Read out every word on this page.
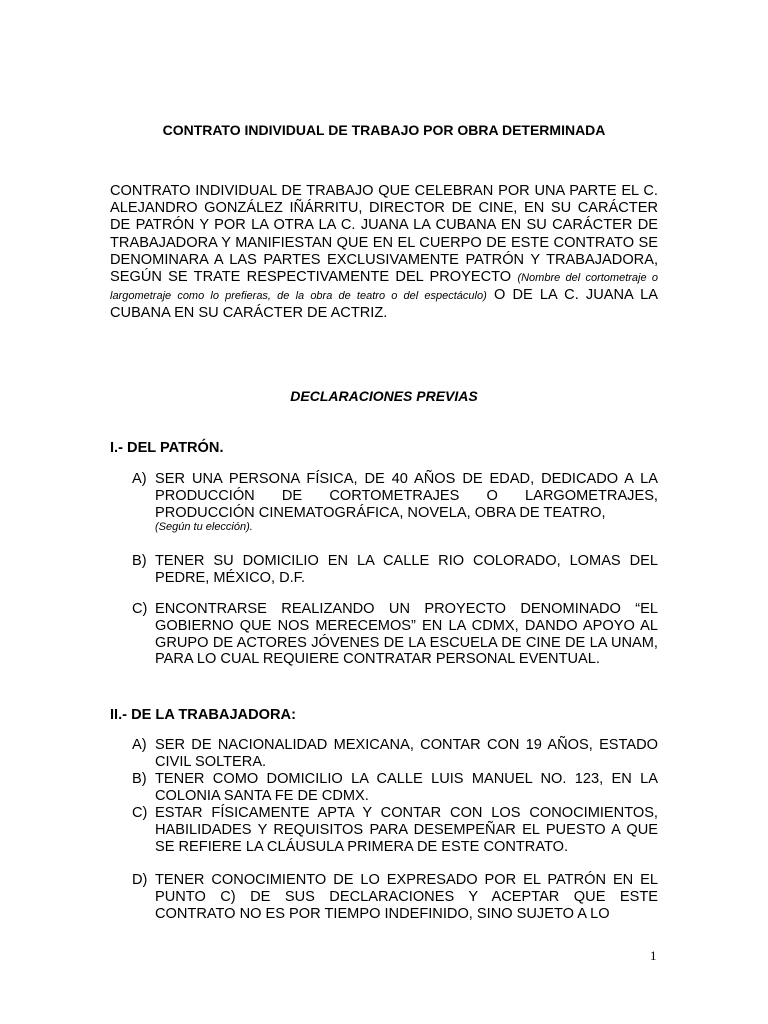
CONTRATO INDIVIDUAL DE TRABAJO POR OBRA DETERMINADA
CONTRATO INDIVIDUAL DE TRABAJO QUE CELEBRAN POR UNA PARTE EL C. ALEJANDRO GONZÁLEZ IÑÁRRITU, DIRECTOR DE CINE, EN SU CARÁCTER DE PATRÓN Y POR LA OTRA LA C. JUANA LA CUBANA EN SU CARÁCTER DE TRABAJADORA Y MANIFIESTAN QUE EN EL CUERPO DE ESTE CONTRATO SE DENOMINARA A LAS PARTES EXCLUSIVAMENTE PATRÓN Y TRABAJADORA, SEGÚN SE TRATE RESPECTIVAMENTE DEL PROYECTO (Nombre del cortometraje o largometraje como lo prefieras, de la obra de teatro o del espectáculo) O DE LA C. JUANA LA CUBANA EN SU CARÁCTER DE ACTRIZ.
DECLARACIONES PREVIAS
I.- DEL PATRÓN.
A) SER UNA PERSONA FÍSICA, DE 40 AÑOS DE EDAD, DEDICADO A LA PRODUCCIÓN DE CORTOMETRAJES O LARGOMETRAJES, PRODUCCIÓN CINEMATOGRÁFICA, NOVELA, OBRA DE TEATRO,
(Según tu elección).
B) TENER SU DOMICILIO EN LA CALLE RIO COLORADO, LOMAS DEL PEDRE, MÉXICO, D.F.
C) ENCONTRARSE REALIZANDO UN PROYECTO DENOMINADO “EL GOBIERNO QUE NOS MERECEMOS” EN LA CDMX, DANDO APOYO AL GRUPO DE ACTORES JÓVENES DE LA ESCUELA DE CINE DE LA UNAM, PARA LO CUAL REQUIERE CONTRATAR PERSONAL EVENTUAL.
II.- DE LA TRABAJADORA:
A) SER DE NACIONALIDAD MEXICANA, CONTAR CON 19 AÑOS, ESTADO CIVIL SOLTERA.
B) TENER COMO DOMICILIO LA CALLE LUIS MANUEL NO. 123, EN LA COLONIA SANTA FE DE CDMX.
C) ESTAR FÍSICAMENTE APTA Y CONTAR CON LOS CONOCIMIENTOS, HABILIDADES Y REQUISITOS PARA DESEMPEÑAR EL PUESTO A QUE SE REFIERE LA CLÁUSULA PRIMERA DE ESTE CONTRATO.
D) TENER CONOCIMIENTO DE LO EXPRESADO POR EL PATRÓN EN EL PUNTO C) DE SUS DECLARACIONES Y ACEPTAR QUE ESTE CONTRATO NO ES POR TIEMPO INDEFINIDO, SINO SUJETO A LO
1
